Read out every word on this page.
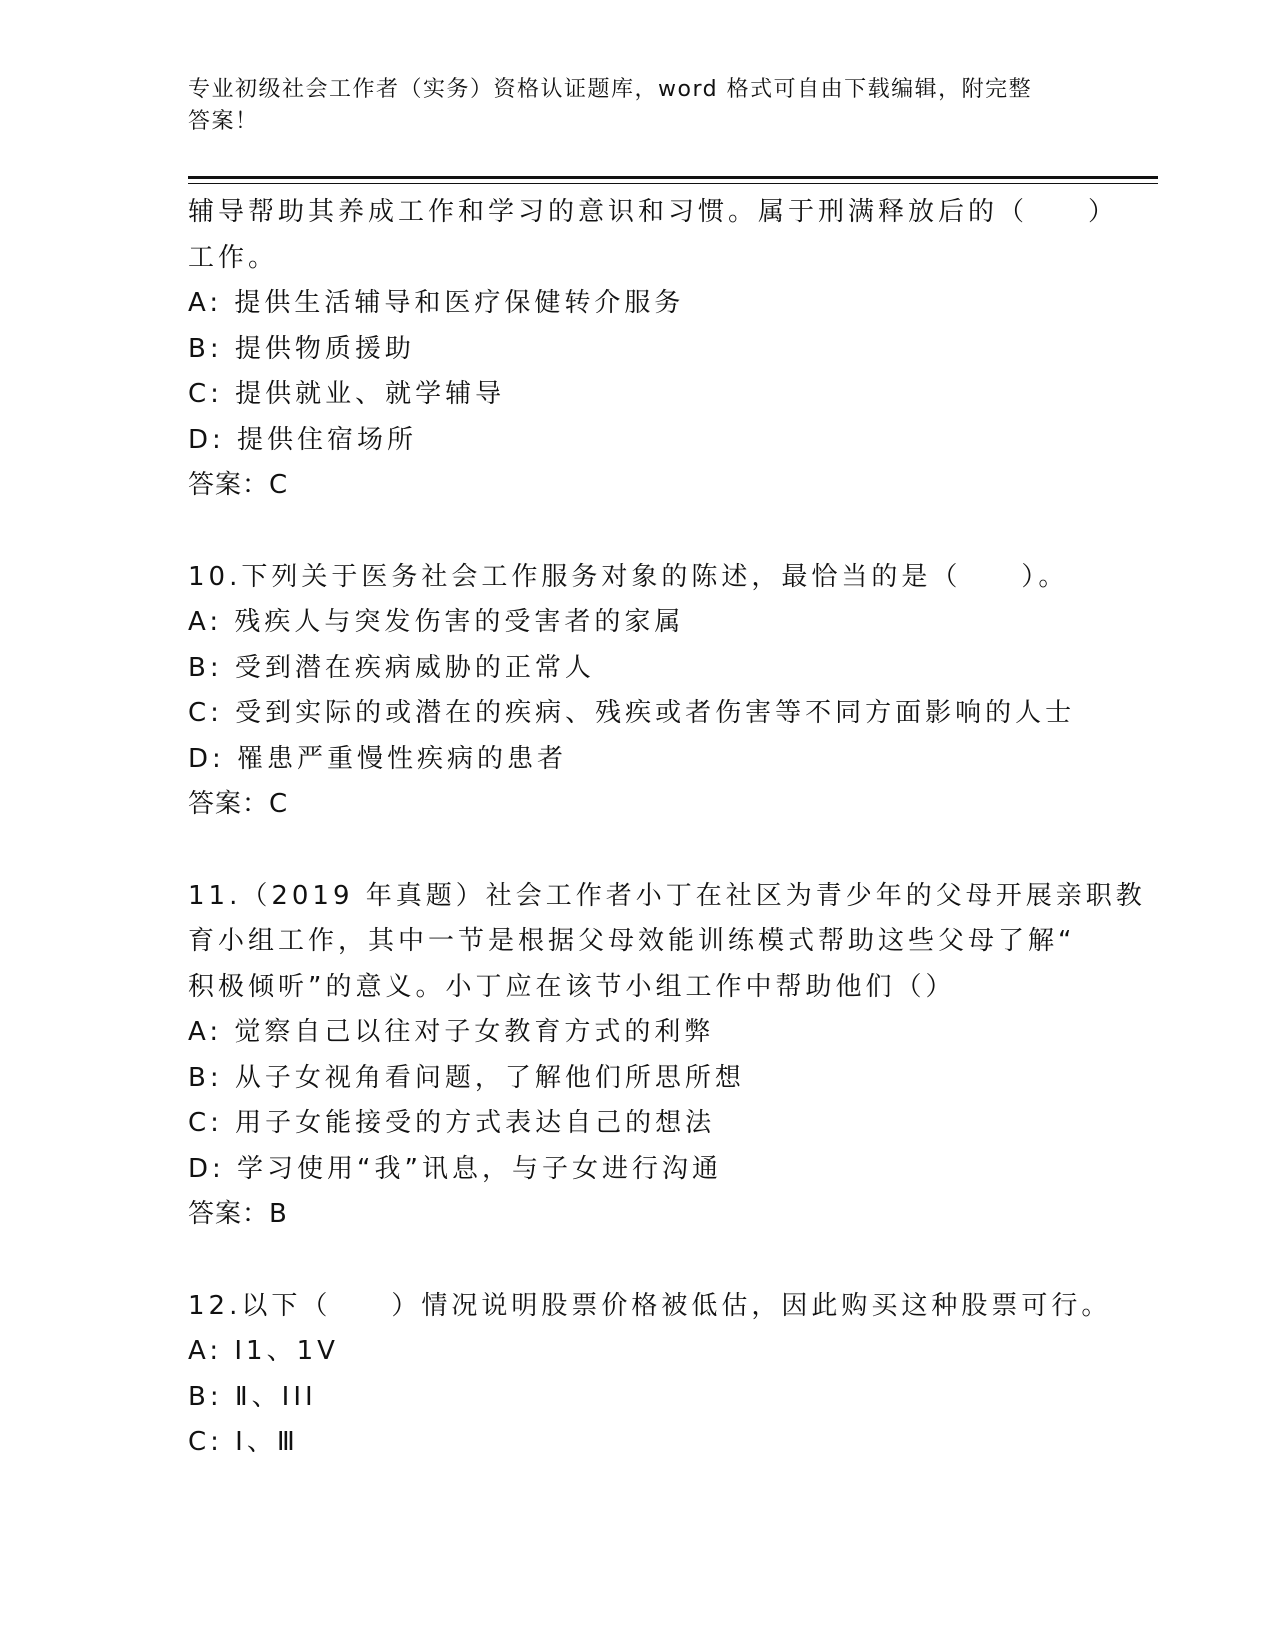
专业初级社会工作者（实务）资格认证题库，word 格式可自由下载编辑，附完整
答案！
辅导帮助其养成工作和学习的意识和习惯。属于刑满释放后的（　　）
工作。
A: 提供生活辅导和医疗保健转介服务
B: 提供物质援助
C: 提供就业、就学辅导
D: 提供住宿场所
答案：C
10.下列关于医务社会工作服务对象的陈述，最恰当的是（　　）。
A: 残疾人与突发伤害的受害者的家属
B: 受到潜在疾病威胁的正常人
C: 受到实际的或潜在的疾病、残疾或者伤害等不同方面影响的人士
D: 罹患严重慢性疾病的患者
答案：C
11.（2019 年真题）社会工作者小丁在社区为青少年的父母开展亲职教
育小组工作，其中一节是根据父母效能训练模式帮助这些父母了解“
积极倾听”的意义。小丁应在该节小组工作中帮助他们（）
A: 觉察自己以往对子女教育方式的利弊
B: 从子女视角看问题，了解他们所思所想
C: 用子女能接受的方式表达自己的想法
D: 学习使用“我”讯息，与子女进行沟通
答案：B
12.以下（　　）情况说明股票价格被低估，因此购买这种股票可行。
A: I1、1V
B: Ⅱ、III
C: I、Ⅲ
